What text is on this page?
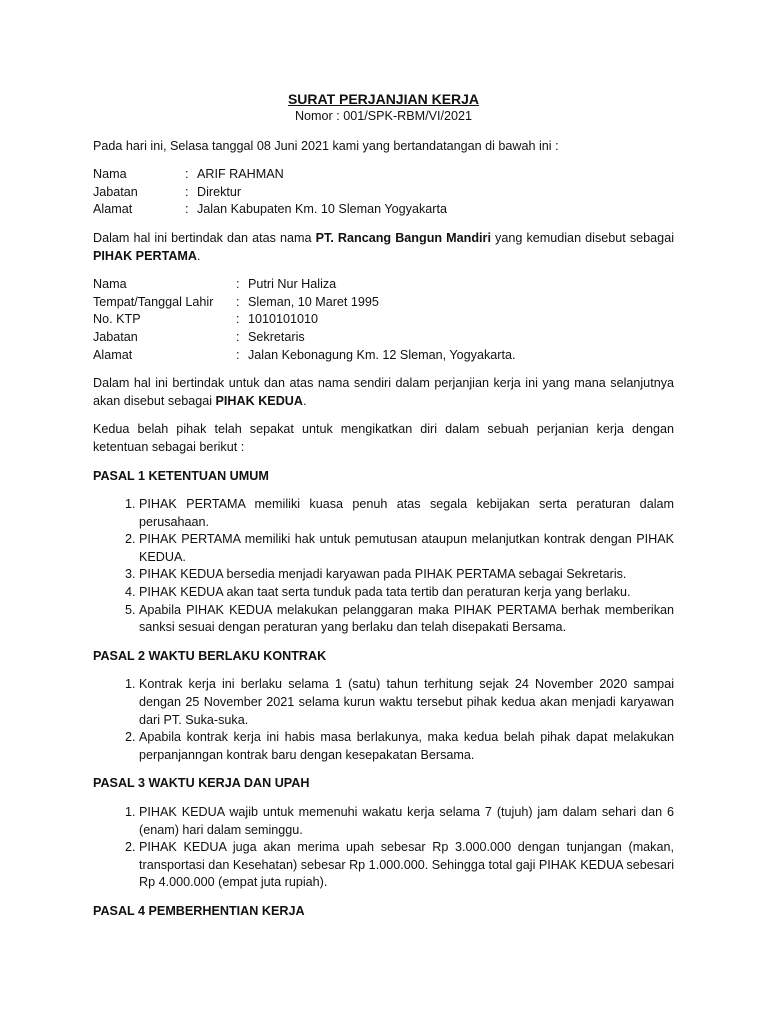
SURAT PERJANJIAN KERJA
Nomor : 001/SPK-RBM/VI/2021

Pada hari ini, Selasa tanggal 08 Juni 2021 kami yang bertandatangan di bawah ini :

Nama	:	ARIF RAHMAN
Jabatan	:	Direktur
Alamat	:	Jalan Kabupaten Km. 10 Sleman Yogyakarta

Dalam hal ini bertindak dan atas nama PT. Rancang Bangun Mandiri yang kemudian disebut sebagai PIHAK PERTAMA.

Nama	:	Putri Nur Haliza
Tempat/Tanggal Lahir	:	Sleman, 10 Maret 1995
No. KTP	:	1010101010
Jabatan	:	Sekretaris
Alamat	:	Jalan Kebonagung Km. 12 Sleman, Yogyakarta.

Dalam hal ini bertindak untuk dan atas nama sendiri dalam perjanjian kerja ini yang mana selanjutnya akan disebut sebagai PIHAK KEDUA.

Kedua belah pihak telah sepakat untuk mengikatkan diri dalam sebuah perjanian kerja dengan ketentuan sebagai berikut :

PASAL 1 KETENTUAN UMUM
1. PIHAK PERTAMA memiliki kuasa penuh atas segala kebijakan serta peraturan dalam perusahaan.
2. PIHAK PERTAMA memiliki hak untuk pemutusan ataupun melanjutkan kontrak dengan PIHAK KEDUA.
3. PIHAK KEDUA bersedia menjadi karyawan pada PIHAK PERTAMA sebagai Sekretaris.
4. PIHAK KEDUA akan taat serta tunduk pada tata tertib dan peraturan kerja yang berlaku.
5. Apabila PIHAK KEDUA melakukan pelanggaran maka PIHAK PERTAMA berhak memberikan sanksi sesuai dengan peraturan yang berlaku dan telah disepakati Bersama.
PASAL 2 WAKTU BERLAKU KONTRAK
1. Kontrak kerja ini berlaku selama 1 (satu) tahun terhitung sejak 24 November 2020 sampai dengan 25 November 2021 selama kurun waktu tersebut pihak kedua akan menjadi karyawan dari PT. Suka-suka.
2. Apabila kontrak kerja ini habis masa berlakunya, maka kedua belah pihak dapat melakukan perpanjanngan kontrak baru dengan kesepakatan Bersama.
PASAL 3 WAKTU KERJA DAN UPAH
1. PIHAK KEDUA wajib untuk memenuhi wakatu kerja selama 7 (tujuh) jam dalam sehari dan 6 (enam) hari dalam seminggu.
2. PIHAK KEDUA juga akan merima upah sebesar Rp 3.000.000 dengan tunjangan (makan, transportasi dan Kesehatan) sebesar Rp 1.000.000. Sehingga total gaji PIHAK KEDUA sebesari Rp 4.000.000 (empat juta rupiah).
PASAL 4 PEMBERHENTIAN KERJA
